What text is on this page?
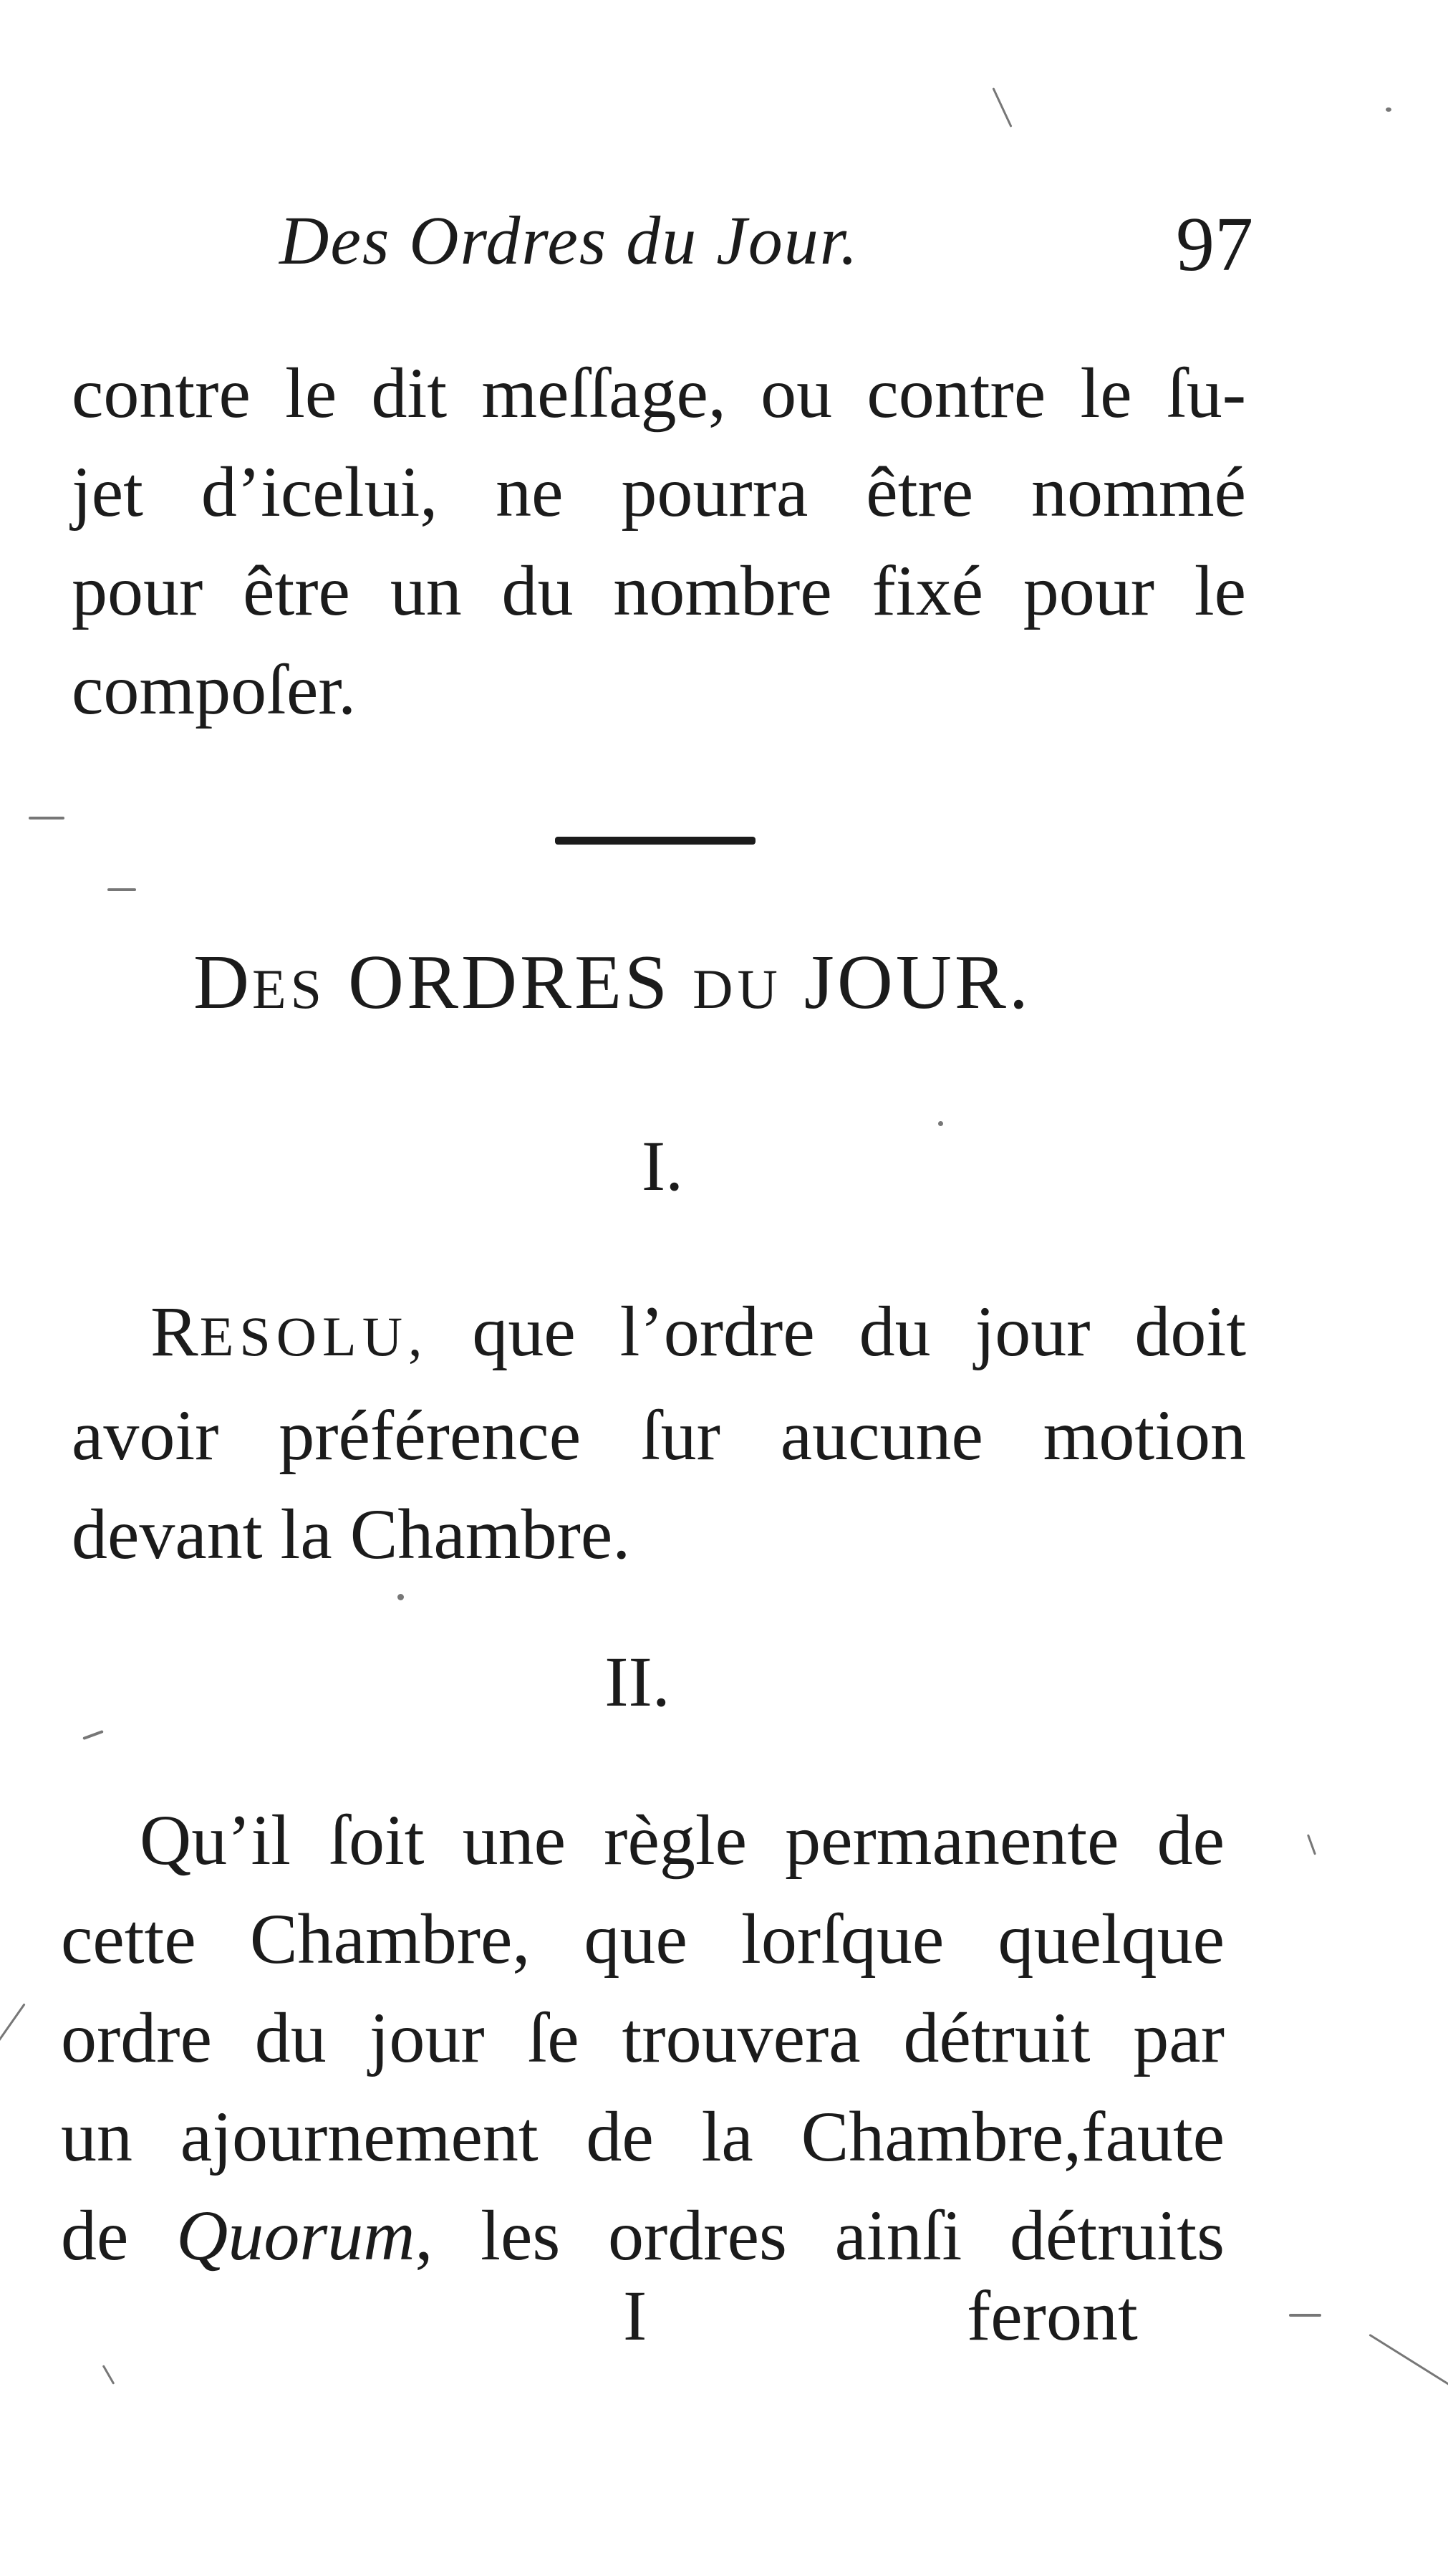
Des Ordres du Jour.	97
contre le dit meſſage, ou contre le ſu-
jet d’icelui, ne pourra être nommé
pour être un du nombre fixé pour le
compoſer.
DES ORDRES DU JOUR.
I.
RESOLU, que l’ordre du jour doit
avoir préférence ſur aucune motion
devant la Chambre.
II.
Qu’il ſoit une règle permanente de
cette Chambre, que lorſque quelque
ordre du jour ſe trouvera détruit par
un ajournement de la Chambre,faute
de Quorum, les ordres ainſi détruits
I	feront
